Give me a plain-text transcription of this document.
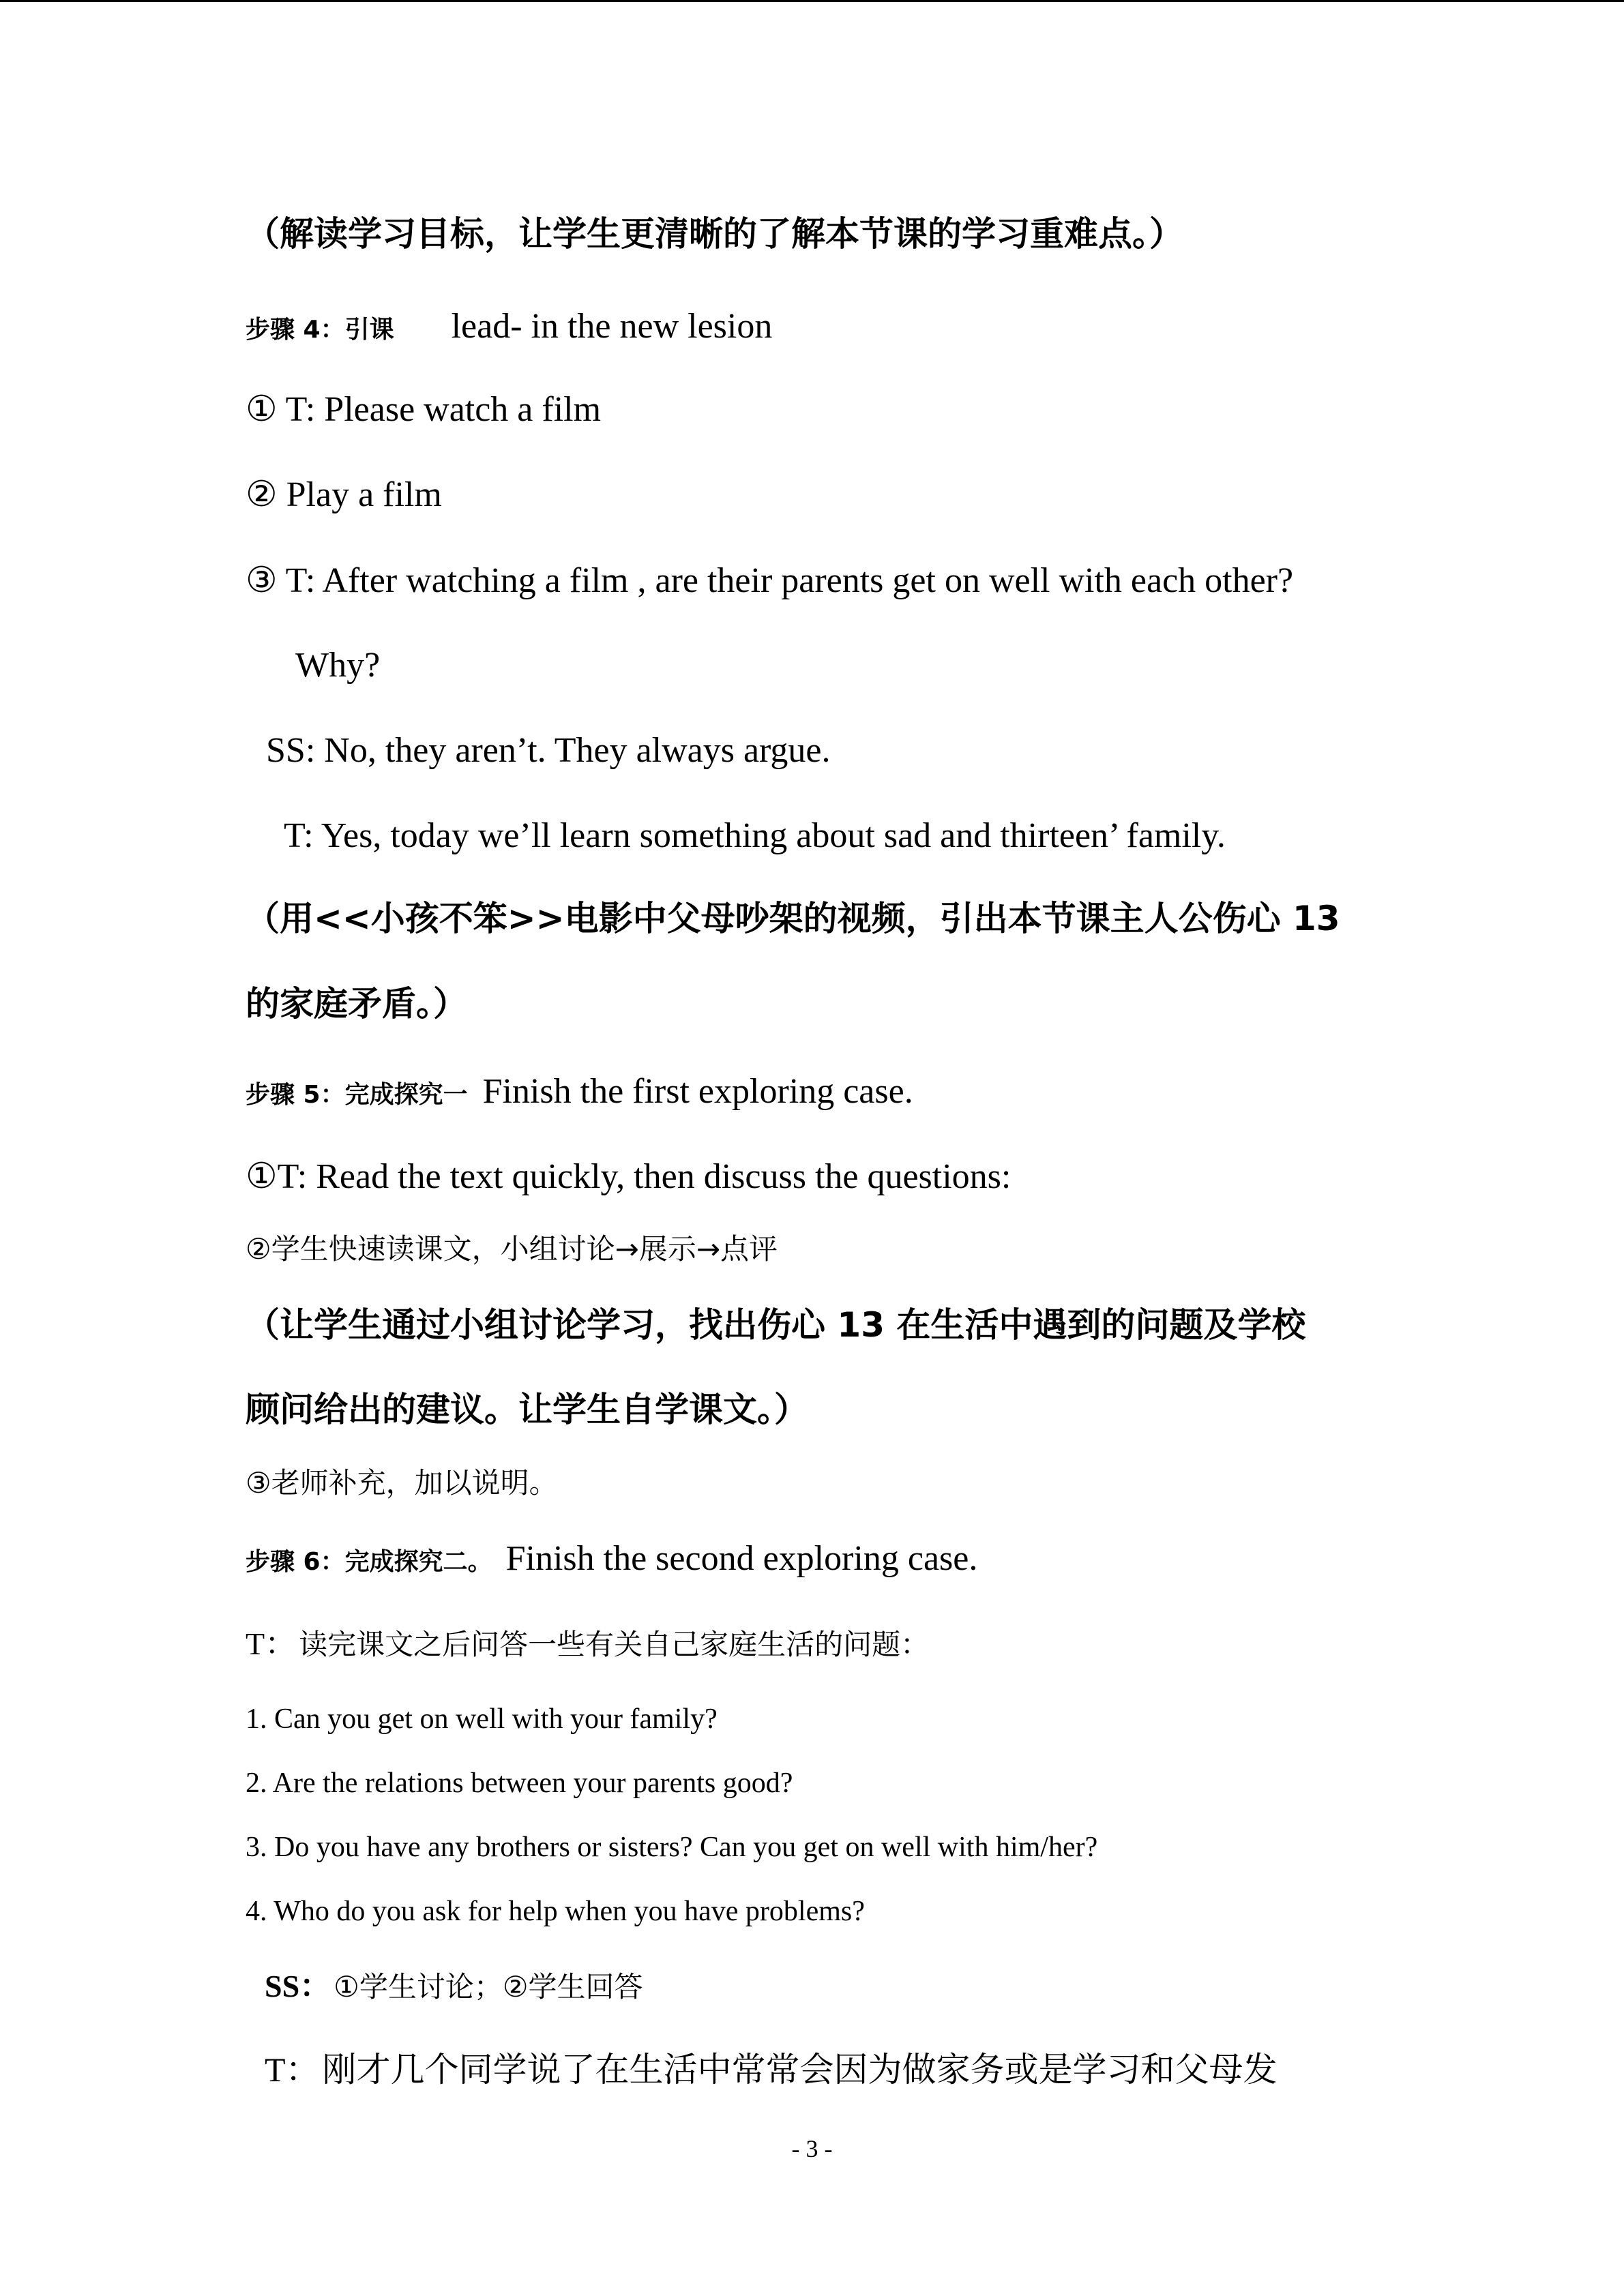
（解读学习目标，让学生更清晰的了解本节课的学习重难点。）
步骤 4：引课 lead- in the new lesion
① T: Please watch a film
② Play a film
③ T: After watching a film , are their parents get on well with each other?
Why?
SS: No, they aren’t. They always argue.
T: Yes, today we’ll learn something about sad and thirteen’ family.
（用<<小孩不笨>>电影中父母吵架的视频，引出本节课主人公伤心 13
的家庭矛盾。）
步骤 5：完成探究一 Finish the first exploring case.
①T: Read the text quickly, then discuss the questions:
②学生快速读课文，小组讨论→展示→点评
（让学生通过小组讨论学习，找出伤心 13 在生活中遇到的问题及学校
顾问给出的建议。让学生自学课文。）
③老师补充，加以说明。
步骤 6：完成探究二。 Finish the second exploring case.
T： 读完课文之后问答一些有关自己家庭生活的问题：
1. Can you get on well with your family?
2. Are the relations between your parents good?
3. Do you have any brothers or sisters? Can you get on well with him/her?
4. Who do you ask for help when you have problems?
SS： ①学生讨论；②学生回答
T： 刚才几个同学说了在生活中常常会因为做家务或是学习和父母发
- 3 -
